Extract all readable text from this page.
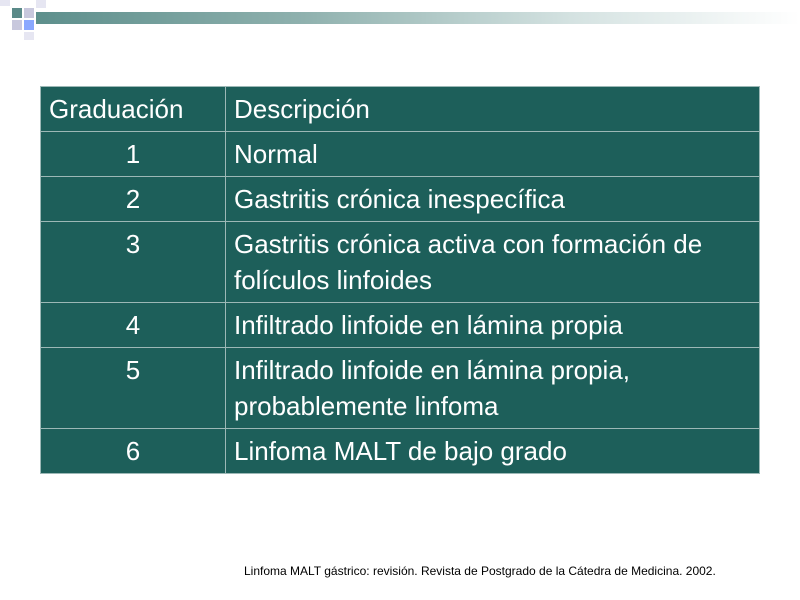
Graduación	Descripción
1	Normal
2	Gastritis crónica inespecífica
3	Gastritis crónica activa con formación de folículos linfoides
4	Infiltrado linfoide en lámina propia
5	Infiltrado linfoide en lámina propia, probablemente linfoma
6	Linfoma MALT de bajo grado
Linfoma MALT gástrico: revisión. Revista de Postgrado de la Cátedra de Medicina. 2002.
